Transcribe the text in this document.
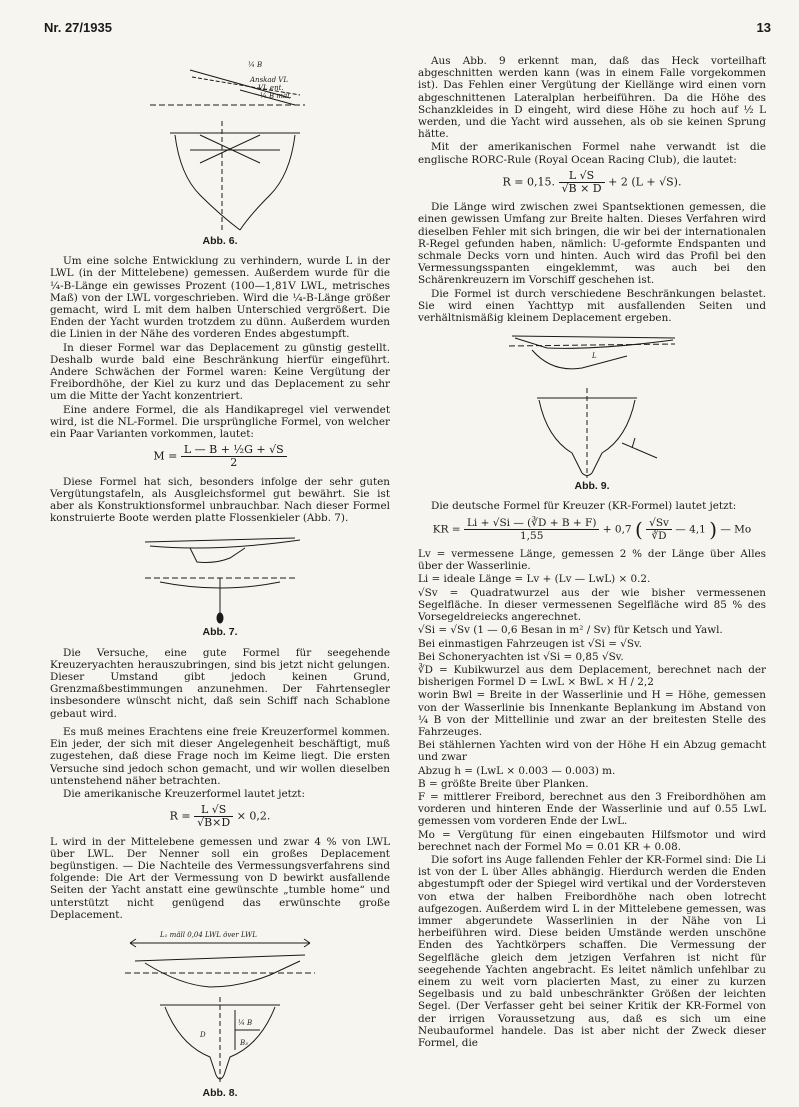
Nr. 27/1935	13
¼ B
Anskad VL
VL ent.
¼ B mäl.
Abb. 6.

Um eine solche Entwicklung zu verhindern, wurde L in der LWL (in der Mittelebene) gemessen. Außerdem wurde für die ¼-B-Länge ein gewisses Prozent (100—1,81V LWL, metrisches Maß) von der LWL vorgeschrieben. Wird die ¼-B-Länge größer gemacht, wird L mit dem halben Unterschied vergrößert. Die Enden der Yacht wurden trotzdem zu dünn. Außerdem wurden die Linien in der Nähe des vorderen Endes abgestumpft.

In dieser Formel war das Deplacement zu günstig gestellt. Deshalb wurde bald eine Beschränkung hierfür eingeführt. Andere Schwächen der Formel waren: Keine Vergütung der Freibordhöhe, der Kiel zu kurz und das Deplacement zu sehr um die Mitte der Yacht konzentriert.

Eine andere Formel, die als Handikapregel viel verwendet wird, ist die NL-Formel. Die ursprüngliche Formel, von welcher ein Paar Varianten vorkommen, lautet:

$M = \frac{\text{L — B + ½G + √S}}{2}$

Diese Formel hat sich, besonders infolge der sehr guten Vergütungstafeln, als Ausgleichsformel gut bewährt. Sie ist aber als Konstruktionsformel unbrauchbar. Nach dieser Formel konstruierte Boote werden platte Flossenkieler (Abb. 7).

Abb. 7.

Die Versuche, eine gute Formel für seegehende Kreuzeryachten herauszubringen, sind bis jetzt nicht gelungen. Dieser Umstand gibt jedoch keinen Grund, Grenzmaßbestimmungen anzunehmen. Der Fahrtensegler insbesondere wünscht nicht, daß sein Schiff nach Schablone gebaut wird.

Es muß meines Erachtens eine freie Kreuzerformel kommen. Ein jeder, der sich mit dieser Angelegenheit beschäftigt, muß zugestehen, daß diese Frage noch im Keime liegt. Die ersten Versuche sind jedoch schon gemacht, und wir wollen dieselben untenstehend näher betrachten.

Die amerikanische Kreuzerformel lautet jetzt:

$R = \frac{L √S}{√B\times D} \times 0,2$.

L wird in der Mittelebene gemessen und zwar 4 % von LWL über LWL. Der Nenner soll ein großes Deplacement begünstigen. — Die Nachteile des Vermessungsverfahrens sind folgende: Die Art der Vermessung von D bewirkt ausfallende Seiten der Yacht anstatt eine gewünschte „tumble home“ und unterstützt nicht genügend das erwünschte große Deplacement.

L₁ mäll 0,04 LWL över LWL
¼ B
D
B₃
Abb. 8.

Aus Abb. 9 erkennt man, daß das Heck vorteilhaft abgeschnitten werden kann (was in einem Falle vorgekommen ist). Das Fehlen einer Vergütung der Kiellänge wird einen vorn abgeschnittenen Lateralplan herbeiführen. Da die Höhe des Schanzkleides in D eingeht, wird diese Höhe zu hoch auf ½ L werden, und die Yacht wird aussehen, als ob sie keinen Sprung hätte.

Mit der amerikanischen Formel nahe verwandt ist die englische RORC-Rule (Royal Ocean Racing Club), die lautet:

R = 0,15. $\frac{L √S}{√B \times D} + 2$ (L + √S).

Die Länge wird zwischen zwei Spantsektionen gemessen, die einen gewissen Umfang zur Breite halten. Dieses Verfahren wird dieselben Fehler mit sich bringen, die wir bei der internationalen R-Regel gefunden haben, nämlich: U-geformte Endspanten und schmale Decks vorn und hinten. Auch wird das Profil bei den Vermessungsspanten eingeklemmt, was auch bei den Schärenkreuzern im Vorschiff geschehen ist.

Die Formel ist durch verschiedene Beschränkungen belastet. Sie wird einen Yachttyp mit ausfallenden Seiten und verhältnismäßig kleinem Deplacement ergeben.

L
Abb. 9.

Die deutsche Formel für Kreuzer (KR-Formel) lautet jetzt:

KR = $\frac{Li + √Si — (∛D + B + F)}{1,55} + 0,7$ ( $\frac{√Sv}{∛D}$ — 4,1 ) — Mo

Lv = vermessene Länge, gemessen 2 % der Länge über Alles über der Wasserlinie.

Li = ideale Länge = Lv + (Lv — LwL) × 0.2.

√Sv = Quadratwurzel aus der wie bisher vermessenen Segelfläche. In dieser vermessenen Segelfläche wird 85 % des Vorsegeldreiecks angerechnet.

√Si = √Sv (1 — 0,6 Besan in m² / Sv) für Ketsch und Yawl.

Bei einmastigen Fahrzeugen ist √Si = √Sv.

Bei Schoneryachten ist √Si = 0,85 √Sv.

∛D = Kubikwurzel aus dem Deplacement, berechnet nach der bisherigen Formel D = LwL × BwL × H / 2,2

worin Bwl = Breite in der Wasserlinie und H = Höhe, gemessen von der Wasserlinie bis Innenkante Beplankung im Abstand von ¼ B von der Mittellinie und zwar an der breitesten Stelle des Fahrzeuges.

Bei stählernen Yachten wird von der Höhe H ein Abzug gemacht und zwar

Abzug h = (LwL × 0.003 — 0.003) m.

B = größte Breite über Planken.

F = mittlerer Freibord, berechnet aus den 3 Freibordhöhen am vorderen und hinteren Ende der Wasserlinie und auf 0.55 LwL gemessen vom vorderen Ende der LwL.

Mo = Vergütung für einen eingebauten Hilfsmotor und wird berechnet nach der Formel Mo = 0.01 KR + 0.08.

Die sofort ins Auge fallenden Fehler der KR-Formel sind: Die Li ist von der L über Alles abhängig. Hierdurch werden die Enden abgestumpft oder der Spiegel wird vertikal und der Vordersteven von etwa der halben Freibordhöhe nach oben lotrecht aufgezogen. Außerdem wird L in der Mittelebene gemessen, was immer abgerundete Wasserlinien in der Nähe von Li herbeiführen wird. Diese beiden Umstände werden unschöne Enden des Yachtkörpers schaffen. Die Vermessung der Segelfläche gleich dem jetzigen Verfahren ist nicht für seegehende Yachten angebracht. Es leitet nämlich unfehlbar zu einem zu weit vorn placierten Mast, zu einer zu kurzen Segelbasis und zu bald unbeschränkter Größen der leichten Segel. (Der Verfasser geht bei seiner Kritik der KR-Formel von der irrigen Voraussetzung aus, daß es sich um eine Neubauformel handele. Das ist aber nicht der Zweck dieser Formel, die
